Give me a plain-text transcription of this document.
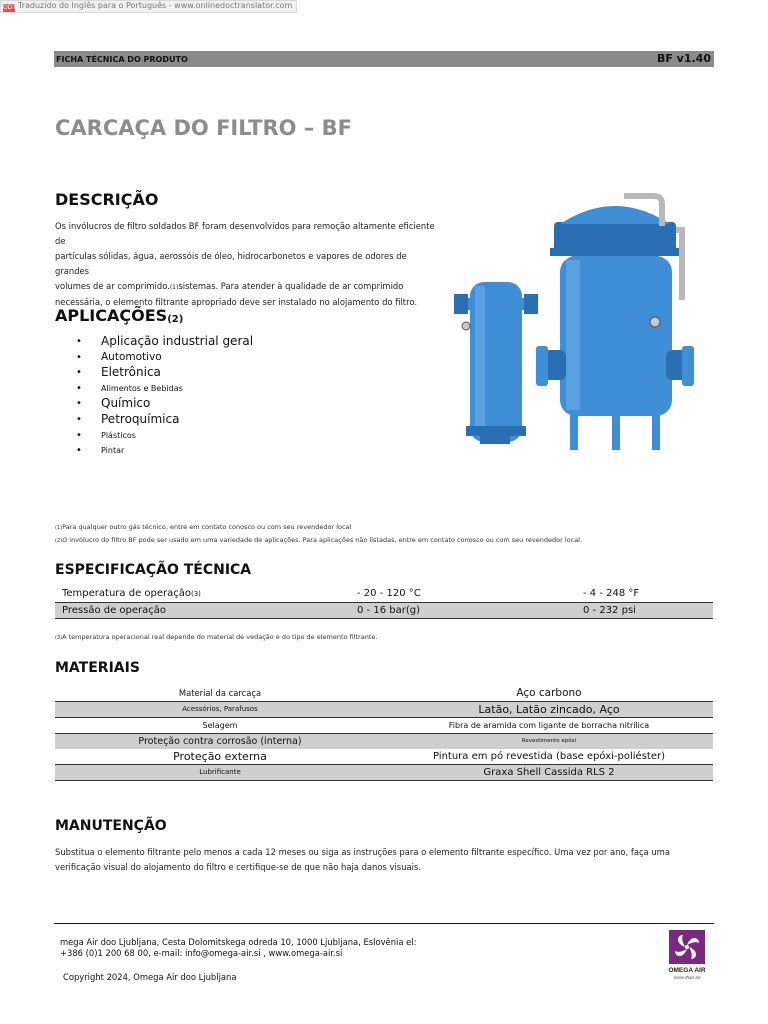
ODT Traduzido do Inglês para o Português - www.onlinedoctranslator.com
FICHA TÉCNICA DO PRODUTO	BF v1.40
CARCAÇA DO FILTRO – BF
DESCRIÇÃO
Os invólucros de filtro soldados BF foram desenvolvidos para remoção altamente eficiente de
partículas sólidas, água, aerossóis de óleo, hidrocarbonetos e vapores de odores de grandes
volumes de ar comprimido.(1)sistemas. Para atender à qualidade de ar comprimido
necessária, o elemento filtrante apropriado deve ser instalado no alojamento do filtro.
$APLICAÇÕES_{(2)}$
• Aplicação industrial geral
• Automotivo
• Eletrônica
• Alimentos e Bebidas
• Químico
• Petroquímica
• Plásticos
• Pintar
(1)Para qualquer outro gás técnico, entre em contato conosco ou com seu revendedor local
(2)O invólucro do filtro BF pode ser usado em uma variedade de aplicações. Para aplicações não listadas, entre em contato conosco ou com seu revendedor local.
ESPECIFICAÇÃO TÉCNICA
Temperatura de operação(3)	- 20 - 120 °C	- 4 - 248 °F
Pressão de operação	0 - 16 bar(g)	0 - 232 psi
(3)A temperatura operacional real depende do material de vedação e do tipo de elemento filtrante.
MATERIAIS
Material da carcaça	Aço carbono
Acessórios, Parafusos	Latão, Latão zincado, Aço
Selagem	Fibra de aramida com ligante de borracha nitrílica
Proteção contra corrosão (interna)	Revestimento epóxi
Proteção externa	Pintura em pó revestida (base epóxi-poliéster)
Lubrificante	Graxa Shell Cassida RLS 2
MANUTENÇÃO
Substitua o elemento filtrante pelo menos a cada 12 meses ou siga as instruções para o elemento filtrante específico. Uma vez por ano, faça uma
verificação visual do alojamento do filtro e certifique-se de que não haja danos visuais.
mega Air doo Ljubljana, Cesta Dolomitskega odreda 10, 1000 Ljubljana, Eslovênia el:
+386 (0)1 200 68 00, e-mail: info@omega-air.si , www.omega-air.si
Copyright 2024, Omega Air doo Ljubljana
OMEGA AIR
more than air
